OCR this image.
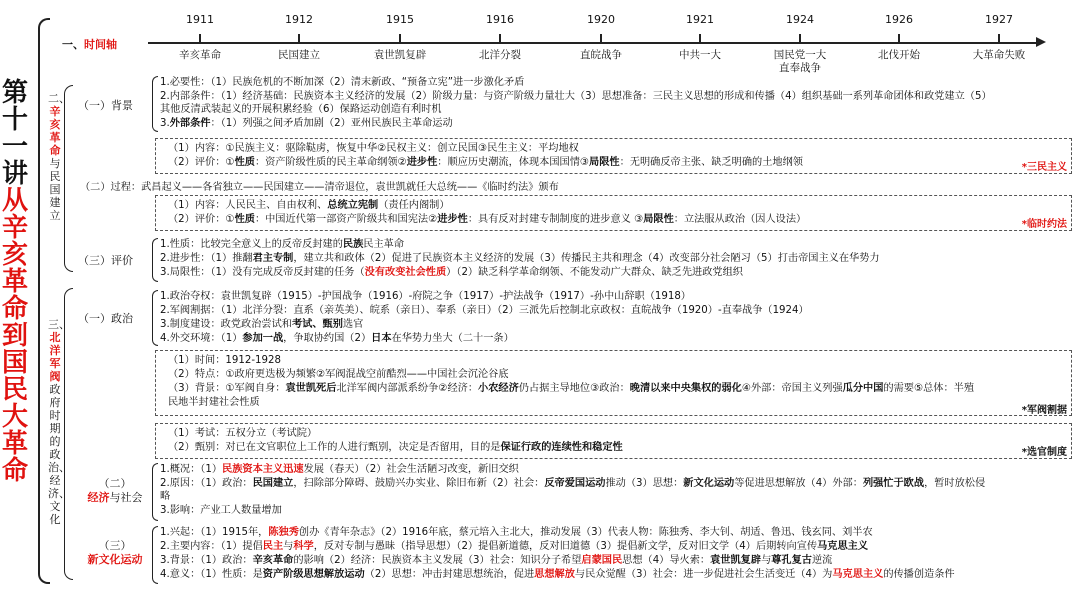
第十一讲从辛亥革命到国民大革命
一、时间轴
1911
辛亥革命
1912
民国建立
1915
袁世凯复辟
1916
北洋分裂
1920
直皖战争
1921
中共一大
1924
国民党一大
直奉战争
1926
北伐开始
1927
大革命失败
二、 辛亥革命与民国建立
（一）背景
1.必要性：（1）民族危机的不断加深（2）清末新政、“预备立宪”进一步激化矛盾
2.内部条件：（1）经济基础：民族资本主义经济的发展（2）阶级力量：与资产阶级力量壮大（3）思想准备：三民主义思想的形成和传播（4）组织基础一系列革命团体和政党建立（5）
其他反清武装起义的开展积累经验（6）保路运动创造有利时机
3.外部条件：（1）列强之间矛盾加剧（2）亚州民族民主革命运动
（1）内容：①民族主义：驱除鞑虏，恢复中华②民权主义：创立民国③民生主义：平均地权
（2）评价：①性质：资产阶级性质的民主革命纲领②进步性：顺应历史潮流，体现本国国情③局限性：无明确反帝主张、缺乏明确的土地纲领	*三民主义
（二）过程：武昌起义——各省独立——民国建立——清帝退位，袁世凯就任大总统——《临时约法》颁布
（1）内容：人民民主、自由权利、总统立宪制（责任内阁制）
（2）评价：①性质：中国近代第一部资产阶级共和国宪法②进步性：具有反对封建专制制度的进步意义 ③局限性：立法服从政治（因人设法）	*临时约法
（三）评价
1.性质：比较完全意义上的反帝反封建的民族民主革命
2.进步性：（1）推翻君主专制，建立共和政体（2）促进了民族资本主义经济的发展（3）传播民主共和理念（4）改变部分社会陋习（5）打击帝国主义在华势力
3.局限性：（1）没有完成反帝反封建的任务（没有改变社会性质）（2）缺乏科学革命纲领、不能发动广大群众、缺乏先进政党组织
三、 北洋军阀政府时期的政治、经济、文化
（一）政治
1.政治夺权：袁世凯复辟（1915）-护国战争（1916）-府院之争（1917）-护法战争（1917）-孙中山辞职（1918）
2.军阀割据：（1）北洋分裂：直系（亲英美）、皖系（亲日）、奉系（亲日）（2）三派先后控制北京政权：直皖战争（1920）-直奉战争（1924）
3.制度建设：政党政治尝试和考试、甄别选官
4.外交环境：（1）参加一战，争取协约国（2）日本在华势力坐大（二十一条）
（1）时间：1912-1928
（2）特点：①政府更迭极为频繁②军阀混战空前酷烈——中国社会沉沦谷底
（3）背景：①军阀自身：袁世凯死后北洋军阀内部派系纷争②经济：小农经济仍占据主导地位③政治：晚清以来中央集权的弱化④外部：帝国主义列强瓜分中国的需要⑤总体：半殖
民地半封建社会性质
*军阀割据
（1）考试：五权分立（考试院）
（2）甄别：对已在文官职位上工作的人进行甄别，决定是否留用，目的是保证行政的连续性和稳定性	*选官制度
（二）
经济与社会
1.概况：（1）民族资本主义迅速发展（春天）（2）社会生活陋习改变，新旧交织
2.原因：（1）政治：民国建立，扫除部分障碍、鼓励兴办实业、除旧布新（2）社会：反帝爱国运动推动（3）思想：新文化运动等促进思想解放（4）外部：列强忙于欧战，暂时放松侵
略
3.影响：产业工人数量增加
（三）
新文化运动
1.兴起：（1）1915年，陈独秀创办《青年杂志》（2）1916年底，蔡元培入主北大，推动发展（3）代表人物：陈独秀、李大钊、胡适、鲁迅、钱玄同、刘半农
2.主要内容：（1）提倡民主与科学，反对专制与愚昧（指导思想）（2）提倡新道德，反对旧道德（3）提倡新文学，反对旧文学（4）后期转向宣传马克思主义
3.背景：（1）政治：辛亥革命的影响（2）经济：民族资本主义发展（3）社会：知识分子希望启蒙国民思想（4）导火索：袁世凯复辟与尊孔复古逆流
4.意义：（1）性质：是资产阶级思想解放运动（2）思想：冲击封建思想统治，促进思想解放与民众觉醒（3）社会：进一步促进社会生活变迁（4）为马克思主义的传播创造条件
